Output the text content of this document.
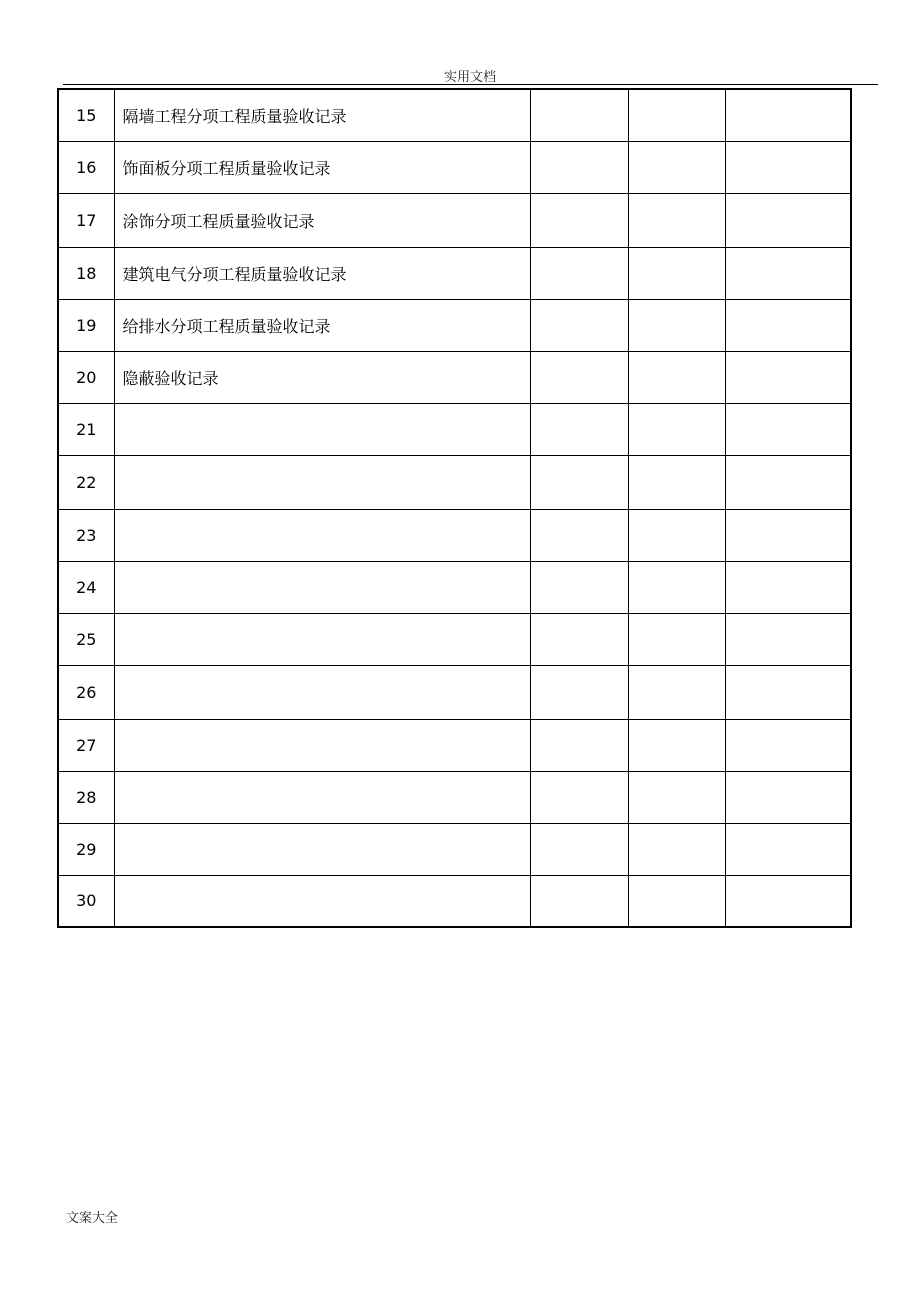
实用文档
15	隔墙工程分项工程质量验收记录			
16	饰面板分项工程质量验收记录			
17	涂饰分项工程质量验收记录			
18	建筑电气分项工程质量验收记录			
19	给排水分项工程质量验收记录			
20	隐蔽验收记录			
21				
22				
23				
24				
25				
26				
27				
28				
29				
30				
文案大全
